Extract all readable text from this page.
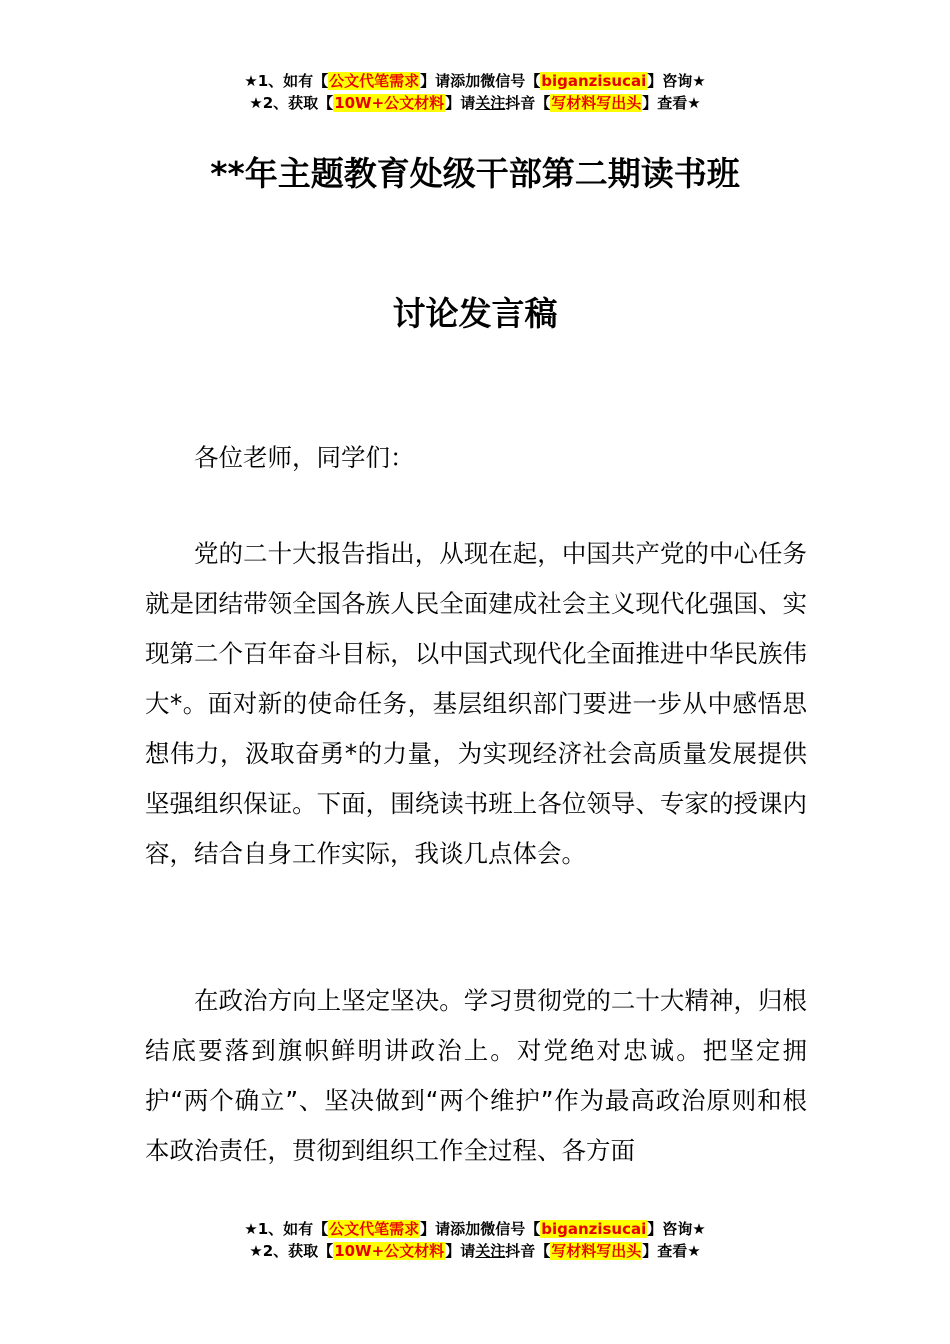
★1、如有【公文代笔需求】请添加微信号【biganzisucai】咨询★
★2、获取【10W+公文材料】请关注抖音【写材料写出头】查看★
**年主题教育处级干部第二期读书班
讨论发言稿
各位老师，同学们：
党的二十大报告指出，从现在起，中国共产党的中心任务就是团结带领全国各族人民全面建成社会主义现代化强国、实现第二个百年奋斗目标，以中国式现代化全面推进中华民族伟大*。面对新的使命任务，基层组织部门要进一步从中感悟思想伟力，汲取奋勇*的力量，为实现经济社会高质量发展提供坚强组织保证。下面，围绕读书班上各位领导、专家的授课内容，结合自身工作实际，我谈几点体会。
在政治方向上坚定坚决。学习贯彻党的二十大精神，归根结底要落到旗帜鲜明讲政治上。对党绝对忠诚。把坚定拥护“两个确立”、坚决做到“两个维护”作为最高政治原则和根本政治责任，贯彻到组织工作全过程、各方面
★1、如有【公文代笔需求】请添加微信号【biganzisucai】咨询★
★2、获取【10W+公文材料】请关注抖音【写材料写出头】查看★
